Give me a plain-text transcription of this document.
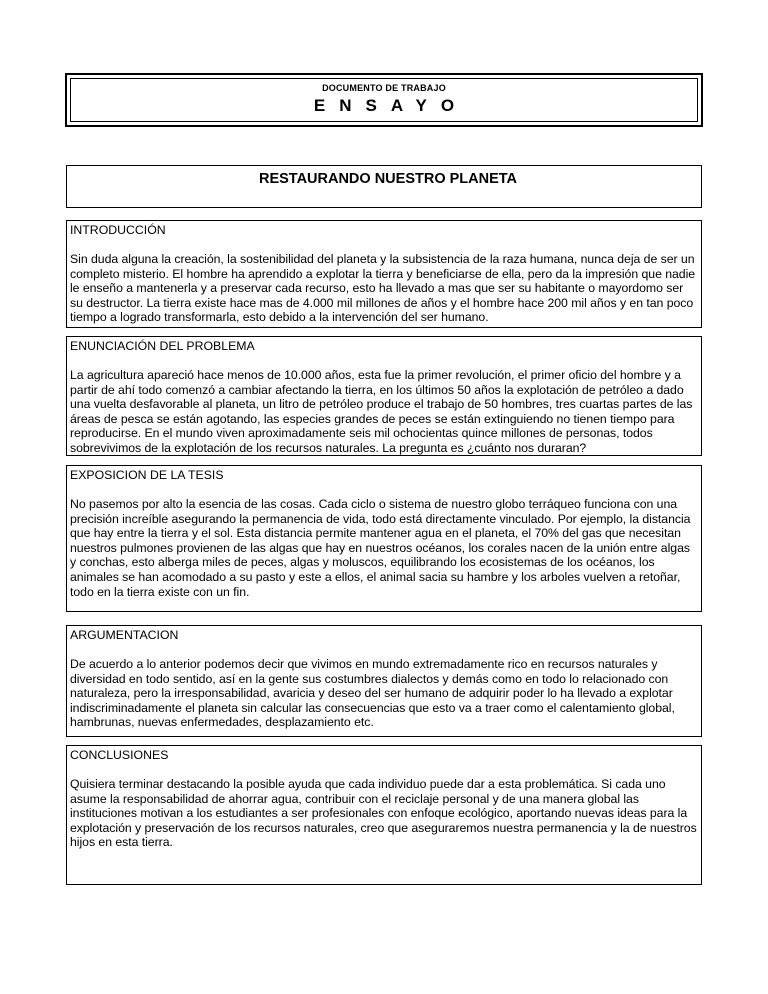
DOCUMENTO DE TRABAJO
ENSAYO
RESTAURANDO NUESTRO PLANETA

INTRODUCCIÓN

Sin duda alguna la creación, la sostenibilidad del planeta y la subsistencia de la raza humana, nunca deja de ser un completo misterio. El hombre ha aprendido a explotar la tierra y beneficiarse de ella, pero da la impresión que nadie le enseño a mantenerla y a preservar cada recurso, esto ha llevado a mas que ser su habitante o mayordomo ser su destructor. La tierra existe hace mas de 4.000 mil millones de años y el hombre hace 200 mil años y en tan poco tiempo a logrado transformarla, esto debido a la intervención del ser humano.

ENUNCIACIÓN DEL PROBLEMA

La agricultura apareció hace menos de 10.000 años, esta fue la primer revolución, el primer oficio del hombre y a partir de ahí todo comenzó a cambiar afectando la tierra, en los últimos 50 años la explotación de petróleo a dado una vuelta desfavorable al planeta, un litro de petróleo produce el trabajo de 50 hombres, tres cuartas partes de las áreas de pesca se están agotando, las especies grandes de peces se están extinguiendo no tienen tiempo para reproducirse. En el mundo viven aproximadamente seis mil ochocientas quince millones de personas, todos sobrevivimos de la explotación de los recursos naturales. La pregunta es ¿cuánto nos duraran?

EXPOSICION DE LA TESIS

No pasemos por alto la esencia de las cosas. Cada ciclo o sistema de nuestro globo terráqueo funciona con una precisión increíble asegurando la permanencia de vida, todo está directamente vinculado. Por ejemplo, la distancia que hay entre la tierra y el sol. Esta distancia permite mantener agua en el planeta, el 70% del gas que necesitan nuestros pulmones provienen de las algas que hay en nuestros océanos, los corales nacen de la unión entre algas y conchas, esto alberga miles de peces, algas y moluscos, equilibrando los ecosistemas de los océanos, los animales se han acomodado a su pasto y este a ellos, el animal sacia su hambre y los arboles vuelven a retoñar, todo en la tierra existe con un fin.

ARGUMENTACION

De acuerdo a lo anterior podemos decir que vivimos en mundo extremadamente rico en recursos naturales y diversidad en todo sentido, así en la gente sus costumbres dialectos y demás como en todo lo relacionado con naturaleza, pero la irresponsabilidad, avaricia y deseo del ser humano de adquirir poder lo ha llevado a explotar indiscriminadamente el planeta sin calcular las consecuencias que esto va a traer como el calentamiento global, hambrunas, nuevas enfermedades, desplazamiento etc.

CONCLUSIONES

Quisiera terminar destacando la posible ayuda que cada individuo puede dar a esta problemática. Si cada uno asume la responsabilidad de ahorrar agua, contribuir con el reciclaje personal y de una manera global las instituciones motivan a los estudiantes a ser profesionales con enfoque ecológico, aportando nuevas ideas para la explotación y preservación de los recursos naturales, creo que aseguraremos nuestra permanencia y la de nuestros hijos en esta tierra.
